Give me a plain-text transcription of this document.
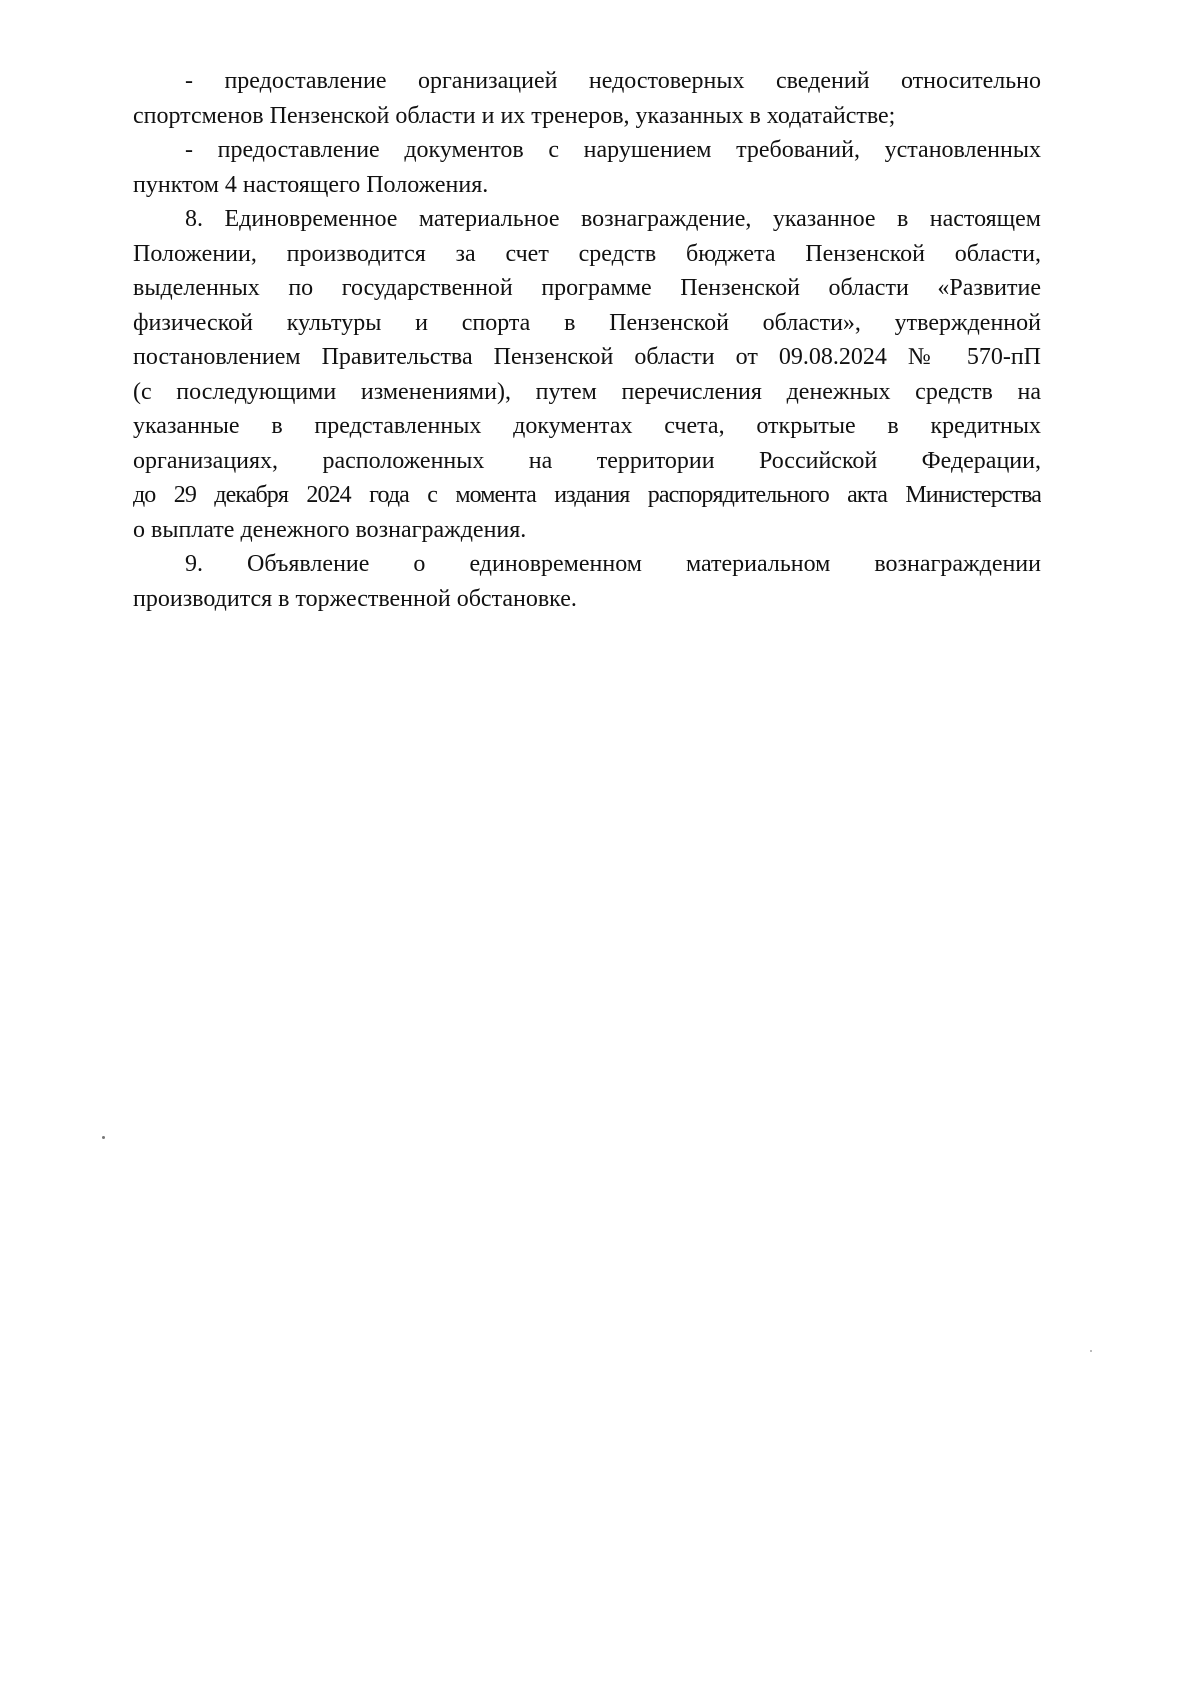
- предоставление организацией недостоверных сведений относительно
спортсменов Пензенской области и их тренеров, указанных в ходатайстве;
- предоставление документов с нарушением требований, установленных
пунктом 4 настоящего Положения.
8. Единовременное материальное вознаграждение, указанное в настоящем
Положении, производится за счет средств бюджета Пензенской области,
выделенных по государственной программе Пензенской области «Развитие
физической культуры и спорта в Пензенской области», утвержденной
постановлением Правительства Пензенской области от 09.08.2024 № 570-пП
(с последующими изменениями), путем перечисления денежных средств на
указанные в представленных документах счета, открытые в кредитных
организациях, расположенных на территории Российской Федерации,
до 29 декабря 2024 года с момента издания распорядительного акта Министерства
о выплате денежного вознаграждения.
9. Объявление о единовременном материальном вознаграждении
производится в торжественной обстановке.
